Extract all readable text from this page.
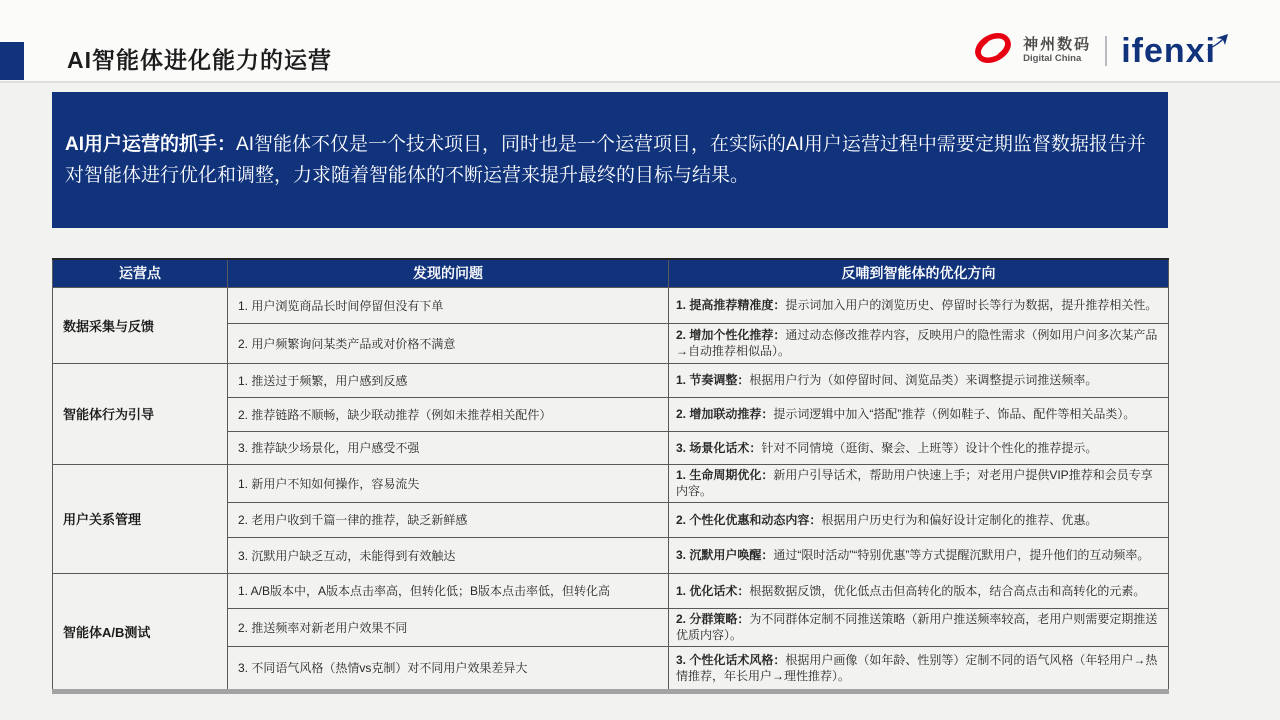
AI智能体进化能力的运营
神州数码
Digital China ifenxi

AI用户运营的抓手：AI智能体不仅是一个技术项目，同时也是一个运营项目，在实际的AI用户运营过程中需要定期监督数据报告并对智能体进行优化和调整，力求随着智能体的不断运营来提升最终的目标与结果。

运营点	发现的问题	反哺到智能体的优化方向
数据采集与反馈	1. 用户浏览商品长时间停留但没有下单	1. 提高推荐精准度：提示词加入用户的浏览历史、停留时长等行为数据，提升推荐相关性。
	2. 用户频繁询问某类产品或对价格不满意	2. 增加个性化推荐：通过动态修改推荐内容，反映用户的隐性需求（例如用户问多次某产品→自动推荐相似品）。
智能体行为引导	1. 推送过于频繁，用户感到反感	1. 节奏调整：根据用户行为（如停留时间、浏览品类）来调整提示词推送频率。
	2. 推荐链路不顺畅，缺少联动推荐（例如未推荐相关配件）	2. 增加联动推荐：提示词逻辑中加入“搭配”推荐（例如鞋子、饰品、配件等相关品类）。
	3. 推荐缺少场景化，用户感受不强	3. 场景化话术：针对不同情境（逛街、聚会、上班等）设计个性化的推荐提示。
用户关系管理	1. 新用户不知如何操作，容易流失	1. 生命周期优化：新用户引导话术，帮助用户快速上手；对老用户提供VIP推荐和会员专享内容。
	2. 老用户收到千篇一律的推荐，缺乏新鲜感	2. 个性化优惠和动态内容：根据用户历史行为和偏好设计定制化的推荐、优惠。
	3. 沉默用户缺乏互动，未能得到有效触达	3. 沉默用户唤醒：通过“限时活动”“特别优惠”等方式提醒沉默用户，提升他们的互动频率。
智能体A/B测试	1. A/B版本中，A版本点击率高，但转化低；B版本点击率低，但转化高	1. 优化话术：根据数据反馈，优化低点击但高转化的版本，结合高点击和高转化的元素。
	2. 推送频率对新老用户效果不同	2. 分群策略：为不同群体定制不同推送策略（新用户推送频率较高，老用户则需要定期推送优质内容）。
	3. 不同语气风格（热情vs克制）对不同用户效果差异大	3. 个性化话术风格：根据用户画像（如年龄、性别等）定制不同的语气风格（年轻用户→热情推荐，年长用户→理性推荐）。
